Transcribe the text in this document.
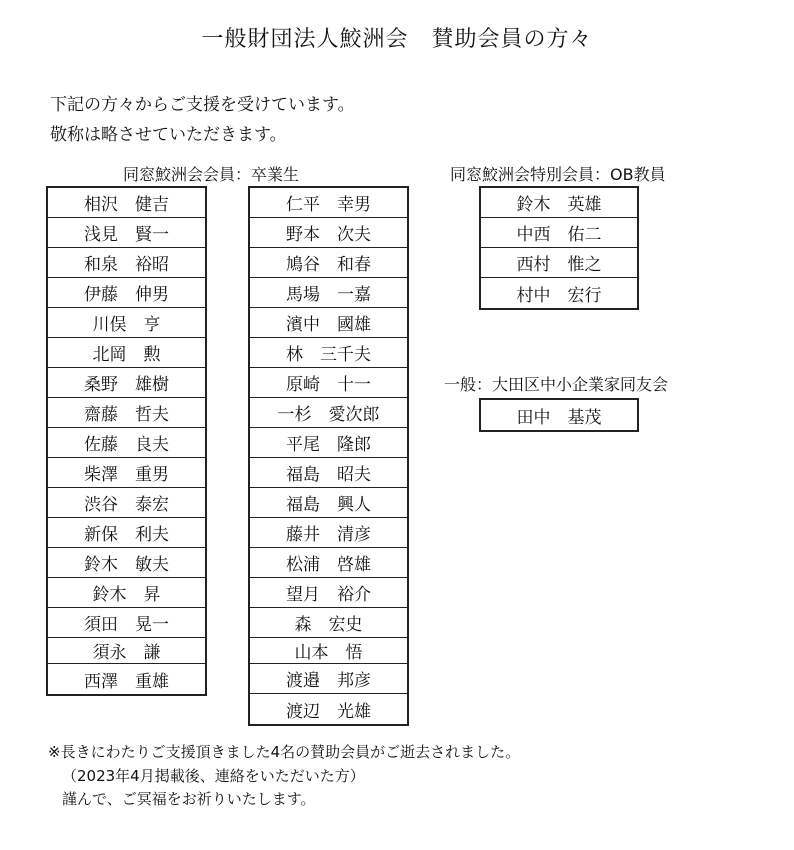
一般財団法人鮫洲会　賛助会員の方々
下記の方々からご支援を受けています。
敬称は略させていただきます。
同窓鮫洲会会員：卒業生	同窓鮫洲会特別会員：OB教員
一般：大田区中小企業家同友会
相沢　健吉
浅見　賢一
和泉　裕昭
伊藤　伸男
川俣　亨
北岡　勲
桑野　雄樹
齋藤　哲夫
佐藤　良夫
柴澤　重男
渋谷　泰宏
新保　利夫
鈴木　敏夫
鈴木　昇
須田　晃一
須永　謙
西澤　重雄
仁平　幸男
野本　次夫
鳩谷　和春
馬場　一嘉
濱中　國雄
林　三千夫
原崎　十一
一杉　愛次郎
平尾　隆郎
福島　昭夫
福島　興人
藤井　清彦
松浦　啓雄
望月　裕介
森　宏史
山本　悟
渡邉　邦彦
渡辺　光雄
鈴木　英雄
中西　佑二
西村　惟之
村中　宏行
田中　基茂
※長きにわたりご支援頂きました4名の賛助会員がご逝去されました。
（2023年4月掲載後、連絡をいただいた方）
謹んで、ご冥福をお祈りいたします。
